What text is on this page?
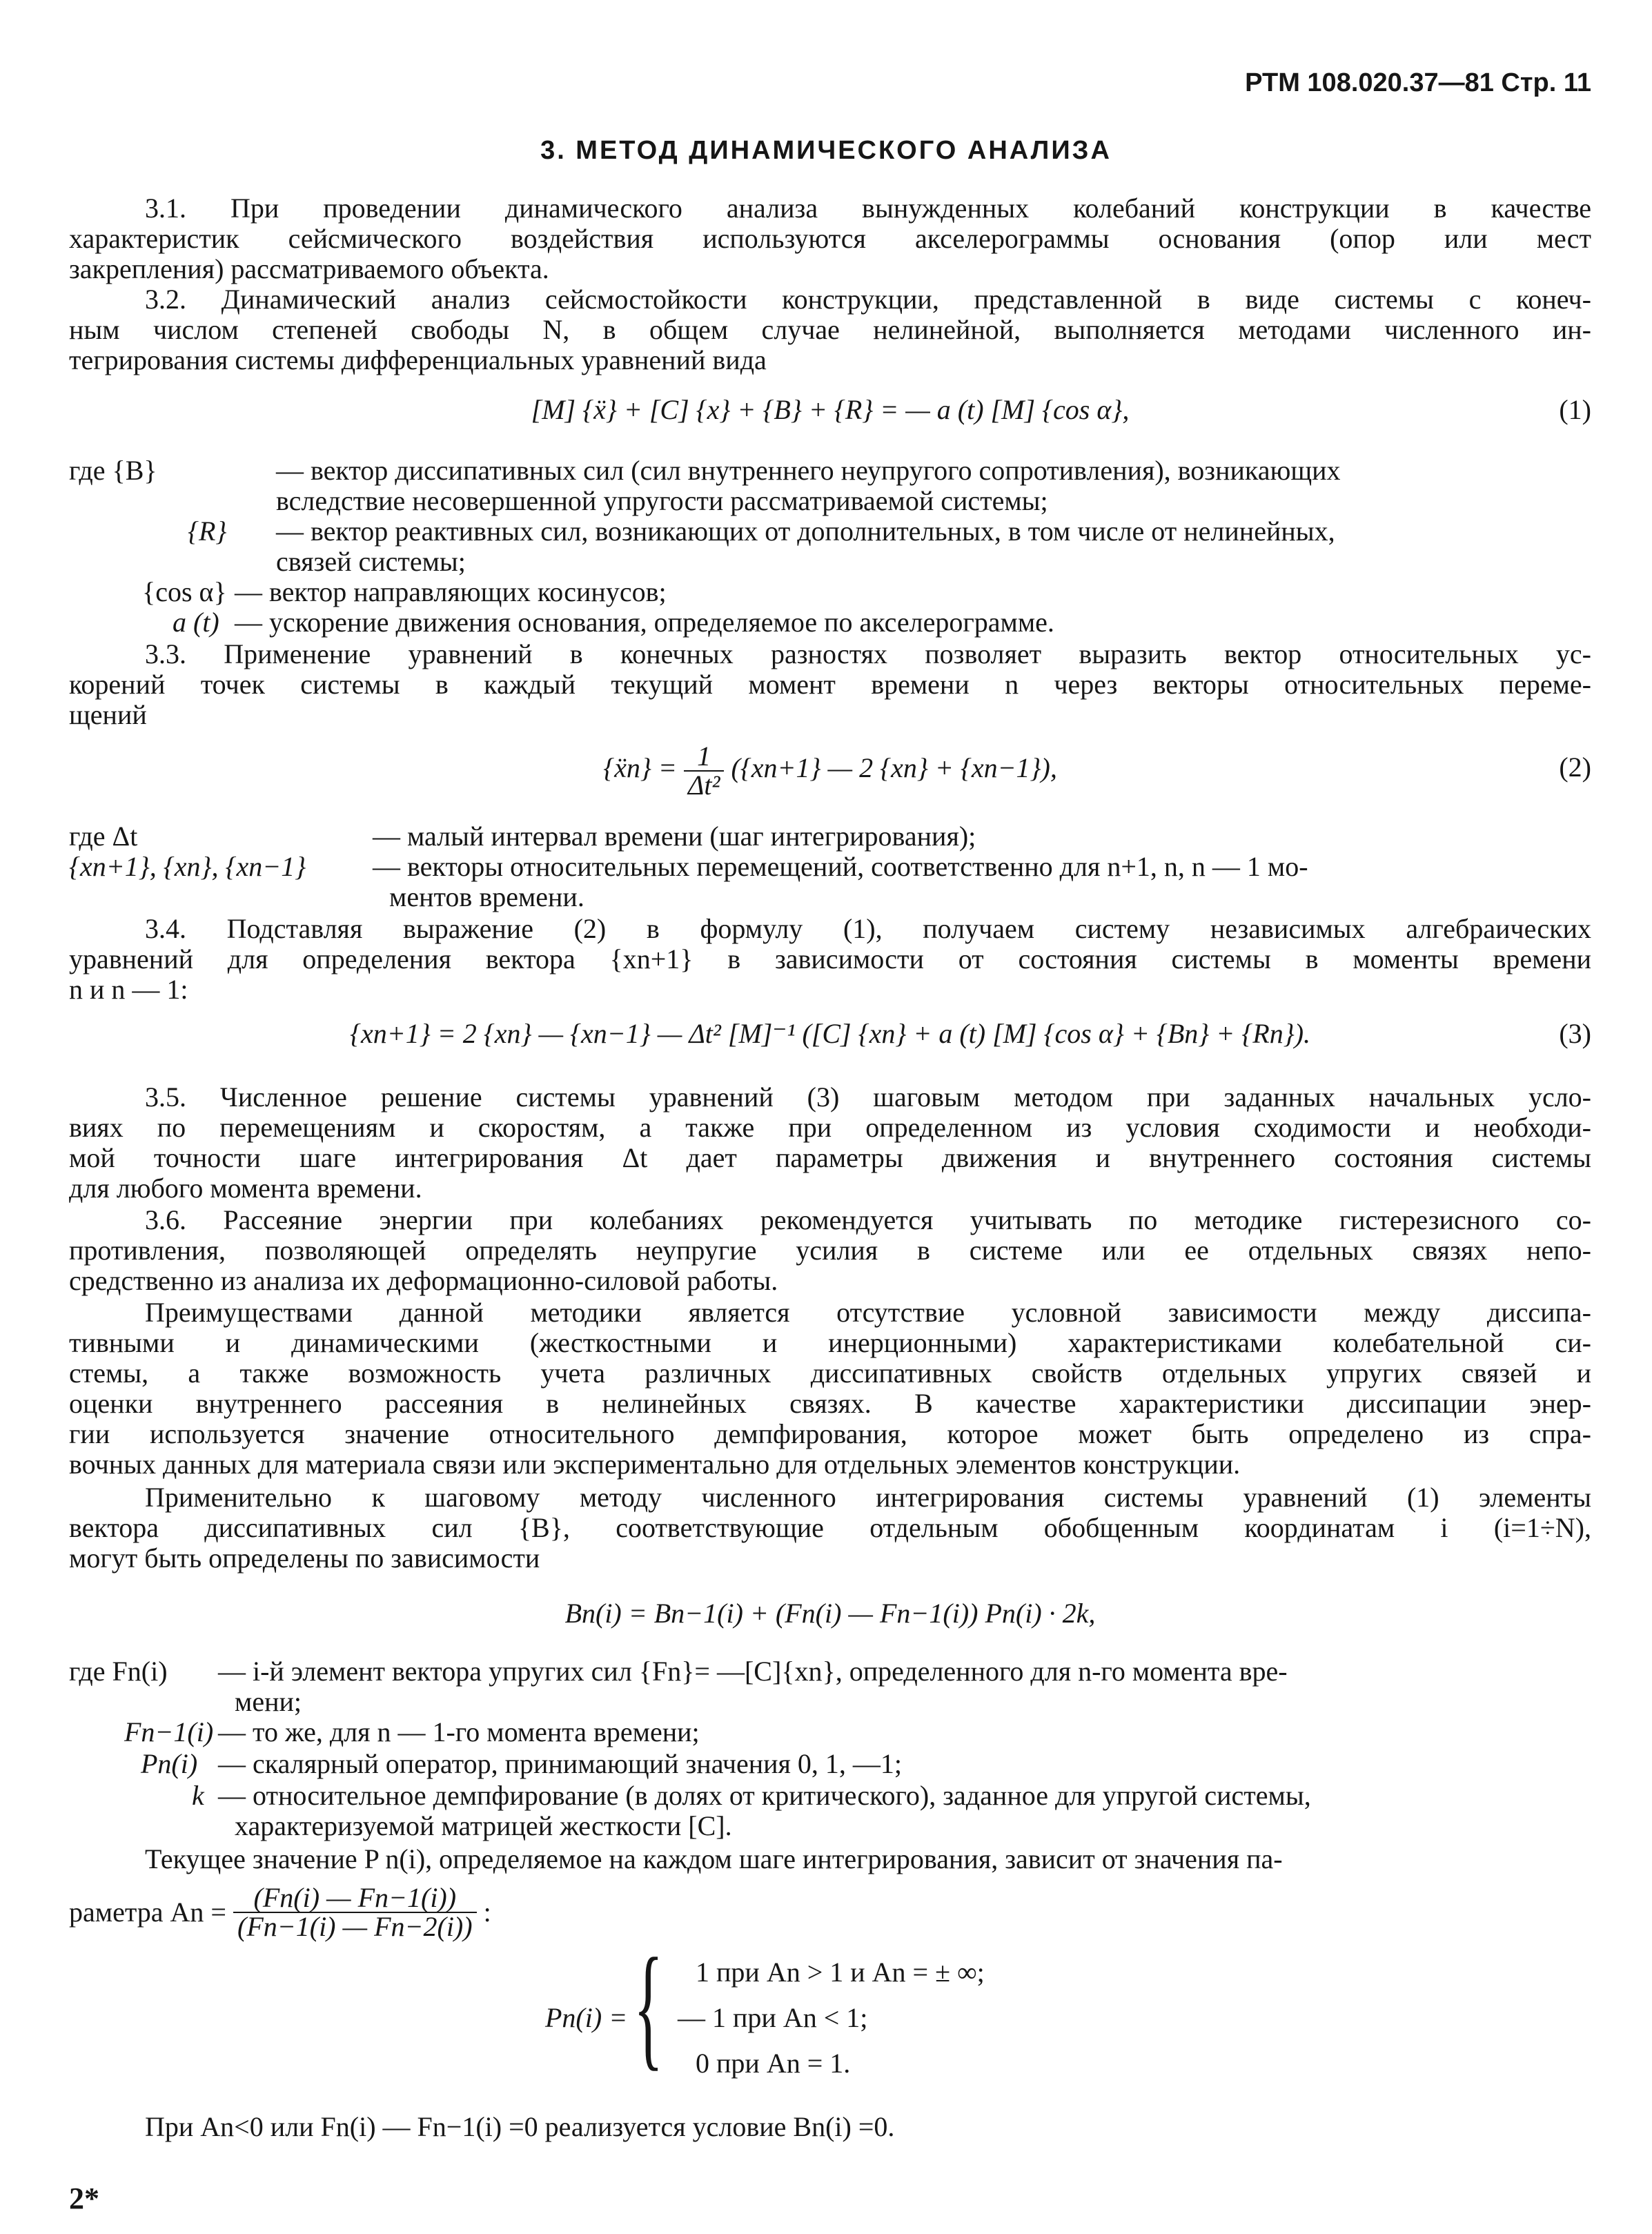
РТМ 108.020.37—81 Стр. 11
3. МЕТОД ДИНАМИЧЕСКОГО АНАЛИЗА
3.1. При проведении динамического анализа вынужденных колебаний конструкции в качестве
характеристик сейсмического воздействия используются акселерограммы основания (опор или мест
закрепления) рассматриваемого объекта.
3.2. Динамический анализ сейсмостойкости конструкции, представленной в виде системы с конеч-
ным числом степеней свободы N, в общем случае нелинейной, выполняется методами численного ин-
тегрирования системы дифференциальных уравнений вида
[M] {ẍ} + [C] {x} + {B} + {R} = — a (t) [M] {cos α},	(1)
где {B}	— вектор диссипативных сил (сил внутреннего неупругого сопротивления), возникающих
вследствие несовершенной упругости рассматриваемой системы;
{R} — вектор реактивных сил, возникающих от дополнительных, в том числе от нелинейных,
связей системы;
{cos α} — вектор направляющих косинусов;
a (t) — ускорение движения основания, определяемое по акселерограмме.
3.3. Применение уравнений в конечных разностях позволяет выразить вектор относительных ус-
корений точек системы в каждый текущий момент времени n через векторы относительных переме-
щений
{ẍn} = $\frac{1}{\text{Δt²}} (\{xn+1\}$ — 2 {xn} + {xn−1}),	(2)
где Δt	— малый интервал времени (шаг интегрирования);
{xn+1}, {xn}, {xn−1} — векторы относительных перемещений, соответственно для n+1, n, n — 1 мо-
ментов времени.
3.4. Подставляя выражение (2) в формулу (1), получаем систему независимых алгебраических
уравнений для определения вектора {xn+1} в зависимости от состояния системы в моменты времени
n и n — 1:
{xn+1} = 2 {xn} — {xn−1} — Δt² [M]⁻¹ ([C] {xn} + a (t) [M] {cos α} + {Bn} + {Rn}).	(3)
3.5. Численное решение системы уравнений (3) шаговым методом при заданных начальных усло-
виях по перемещениям и скоростям, а также при определенном из условия сходимости и необходи-
мой точности шаге интегрирования Δt дает параметры движения и внутреннего состояния системы
для любого момента времени.
3.6. Рассеяние энергии при колебаниях рекомендуется учитывать по методике гистерезисного со-
противления, позволяющей определять неупругие усилия в системе или ее отдельных связях непо-
средственно из анализа их деформационно-силовой работы.
Преимуществами данной методики является отсутствие условной зависимости между диссипа-
тивными и динамическими (жесткостными и инерционными) характеристиками колебательной си-
стемы, а также возможность учета различных диссипативных свойств отдельных упругих связей и
оценки внутреннего рассеяния в нелинейных связях. В качестве характеристики диссипации энер-
гии используется значение относительного демпфирования, которое может быть определено из спра-
вочных данных для материала связи или экспериментально для отдельных элементов конструкции.
Применительно к шаговому методу численного интегрирования системы уравнений (1) элементы
вектора диссипативных сил {B}, соответствующие отдельным обобщенным координатам i (i=1÷N),
могут быть определены по зависимости
Bn(i) = Bn−1(i) + (Fn(i) — Fn−1(i)) Pn(i) · 2k,
где Fn(i) — i-й элемент вектора упругих сил {Fn}= —[C]{xn}, определенного для n-го момента вре-
мени;
Fn−1(i) — то же, для n — 1-го момента времени;
Pn(i) — скалярный оператор, принимающий значения 0, 1, —1;
k — относительное демпфирование (в долях от критического), заданное для упругой системы,
характеризуемой матрицей жесткости [C].
Текущее значение P n(i), определяемое на каждом шаге интегрирования, зависит от значения па-
раметра $An = \frac{(Fn(i) — Fn-1(i))}{(Fn-1(i) — Fn-2(i))}$ :
Pn(i) = { 1 при An > 1 и An = ± ∞;
— 1 при An < 1;
0 при An = 1.
При An<0 или Fn(i) — Fn−1(i) =0 реализуется условие Bn(i) =0.
2*
